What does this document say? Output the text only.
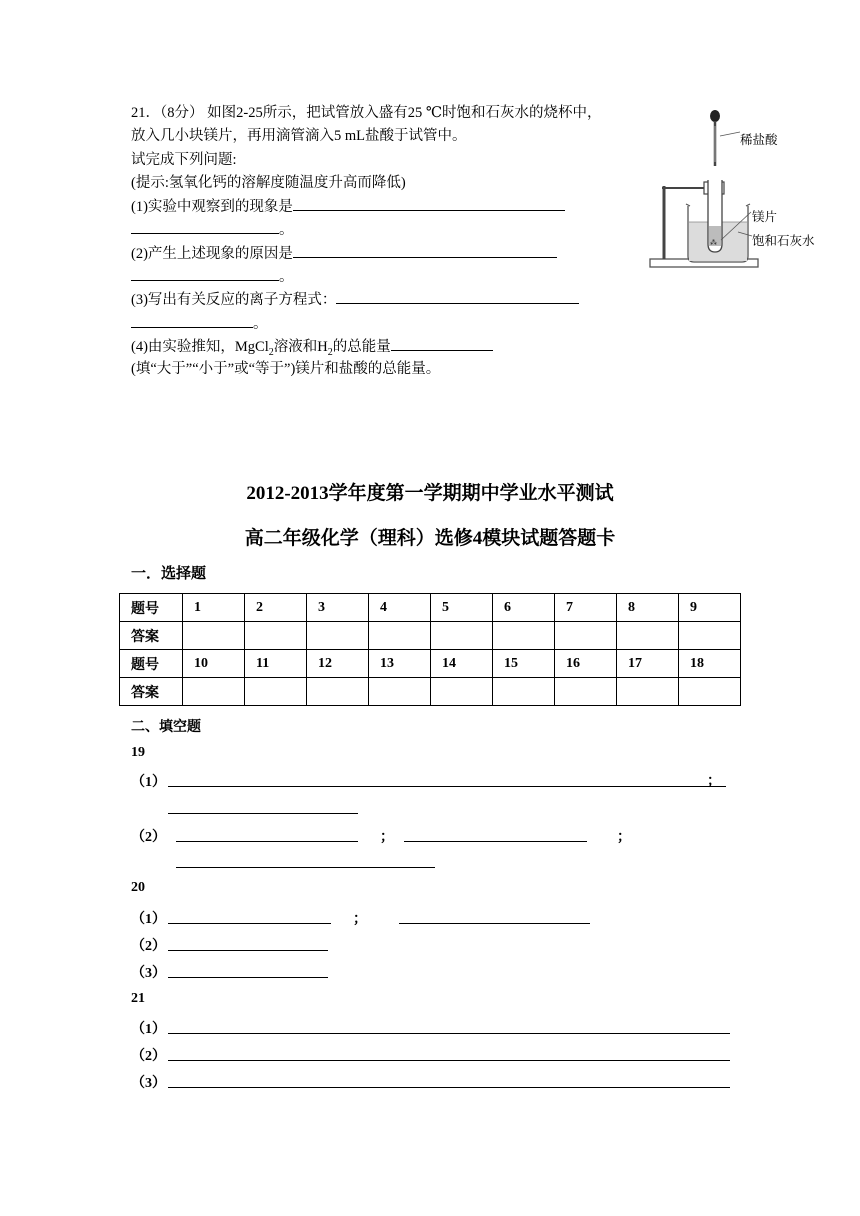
21．（8分） 如图2-25所示，把试管放入盛有25 ℃时饱和石灰水的烧杯中，
放入几小块镁片，再用滴管滴入5 mL盐酸于试管中。
试完成下列问题:
(提示:氢氧化钙的溶解度随温度升高而降低)
(1)实验中观察到的现象是
。
(2)产生上述现象的原因是
。
(3)写出有关反应的离子方程式：
。
(4)由实验推知，MgCl$_2$溶液和$H_2$的总能量
(填“大于”“小于”或“等于”)镁片和盐酸的总能量。
⁂
稀盐酸
镁片
饱和石灰水
2012-2013学年度第一学期期中学业水平测试
高二年级化学（理科）选修4模块试题答题卡
一．选择题
题号	1	2	3	4	5	6	7	8	9
答案									
题号	10	11	12	13	14	15	16	17	18
答案									
二、填空题
19
（1）	；
（2）	；	；
20
（1）	；
（2）
（3）
21
（1）
（2）
（3）
